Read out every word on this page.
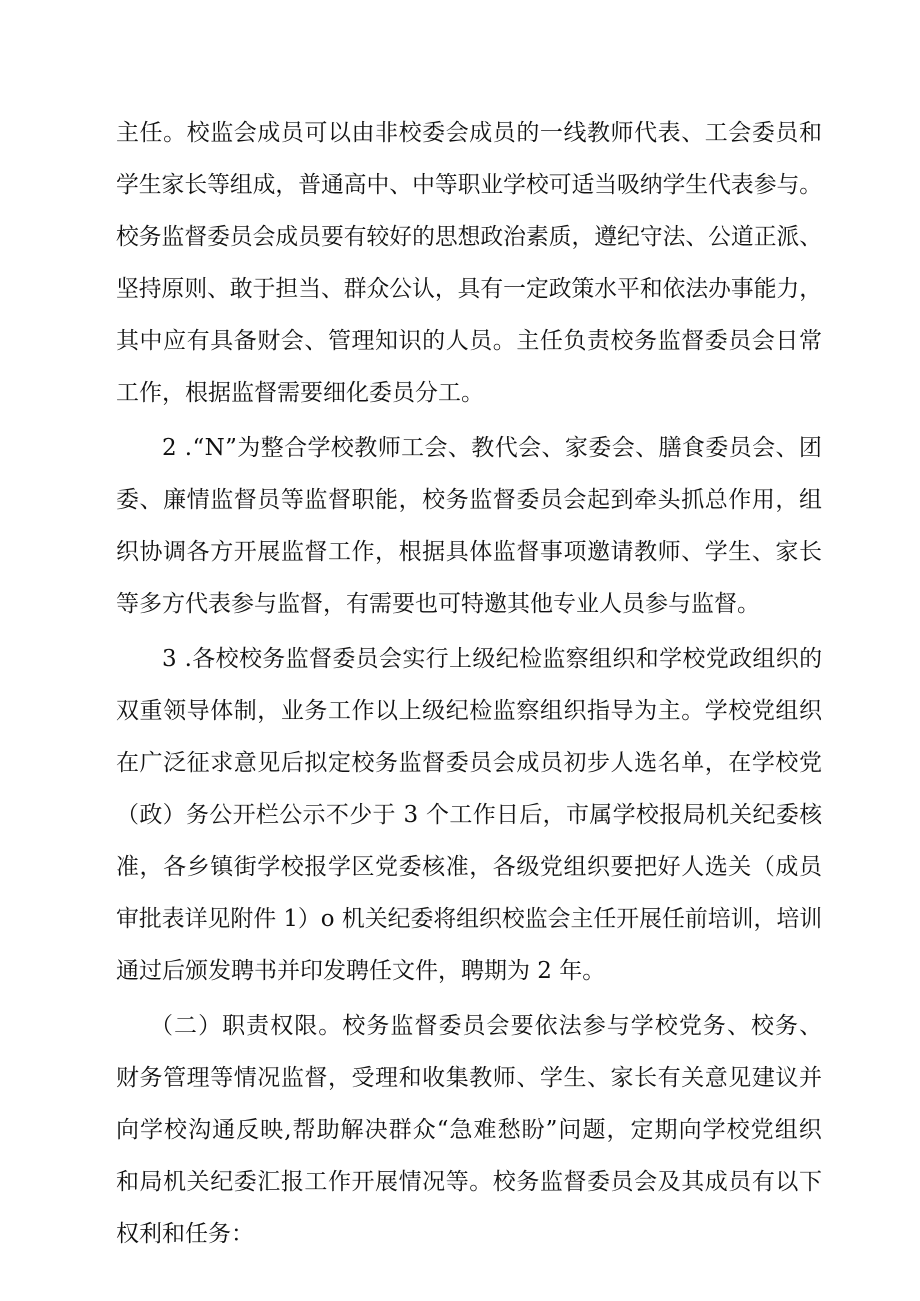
主任。校监会成员可以由非校委会成员的一线教师代表、工会委员和
学生家长等组成，普通高中、中等职业学校可适当吸纳学生代表参与。
校务监督委员会成员要有较好的思想政治素质，遵纪守法、公道正派、
坚持原则、敢于担当、群众公认，具有一定政策水平和依法办事能力，
其中应有具备财会、管理知识的人员。主任负责校务监督委员会日常
工作，根据监督需要细化委员分工。
2 .“N”为整合学校教师工会、教代会、家委会、膳食委员会、团
委、廉情监督员等监督职能，校务监督委员会起到牵头抓总作用，组
织协调各方开展监督工作，根据具体监督事项邀请教师、学生、家长
等多方代表参与监督，有需要也可特邀其他专业人员参与监督。
3 .各校校务监督委员会实行上级纪检监察组织和学校党政组织的
双重领导体制，业务工作以上级纪检监察组织指导为主。学校党组织
在广泛征求意见后拟定校务监督委员会成员初步人选名单，在学校党
（政）务公开栏公示不少于 3 个工作日后，市属学校报局机关纪委核
准，各乡镇街学校报学区党委核准，各级党组织要把好人选关（成员
审批表详见附件 1）o 机关纪委将组织校监会主任开展任前培训，培训
通过后颁发聘书并印发聘任文件，聘期为 2 年。
（二）职责权限。校务监督委员会要依法参与学校党务、校务、
财务管理等情况监督，受理和收集教师、学生、家长有关意见建议并
向学校沟通反映,帮助解决群众“急难愁盼”问题，定期向学校党组织
和局机关纪委汇报工作开展情况等。校务监督委员会及其成员有以下
权利和任务：
